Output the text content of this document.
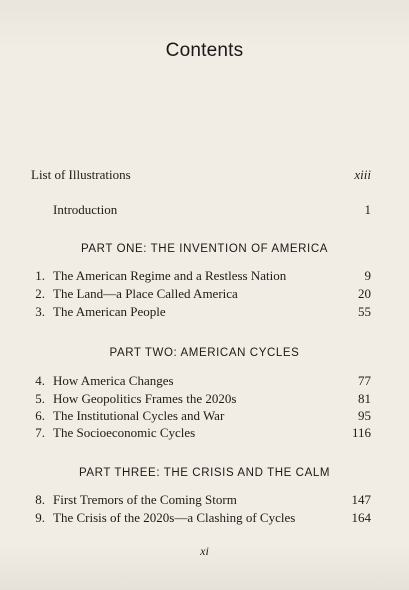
Contents
List of Illustrations	xiii
Introduction	1
PART ONE: THE INVENTION OF AMERICA
1. The American Regime and a Restless Nation	9
2. The Land—a Place Called America	20
3. The American People	55
PART TWO: AMERICAN CYCLES
4. How America Changes	77
5. How Geopolitics Frames the 2020s	81
6. The Institutional Cycles and War	95
7. The Socioeconomic Cycles	116
PART THREE: THE CRISIS AND THE CALM
8. First Tremors of the Coming Storm	147
9. The Crisis of the 2020s—a Clashing of Cycles	164
xi
